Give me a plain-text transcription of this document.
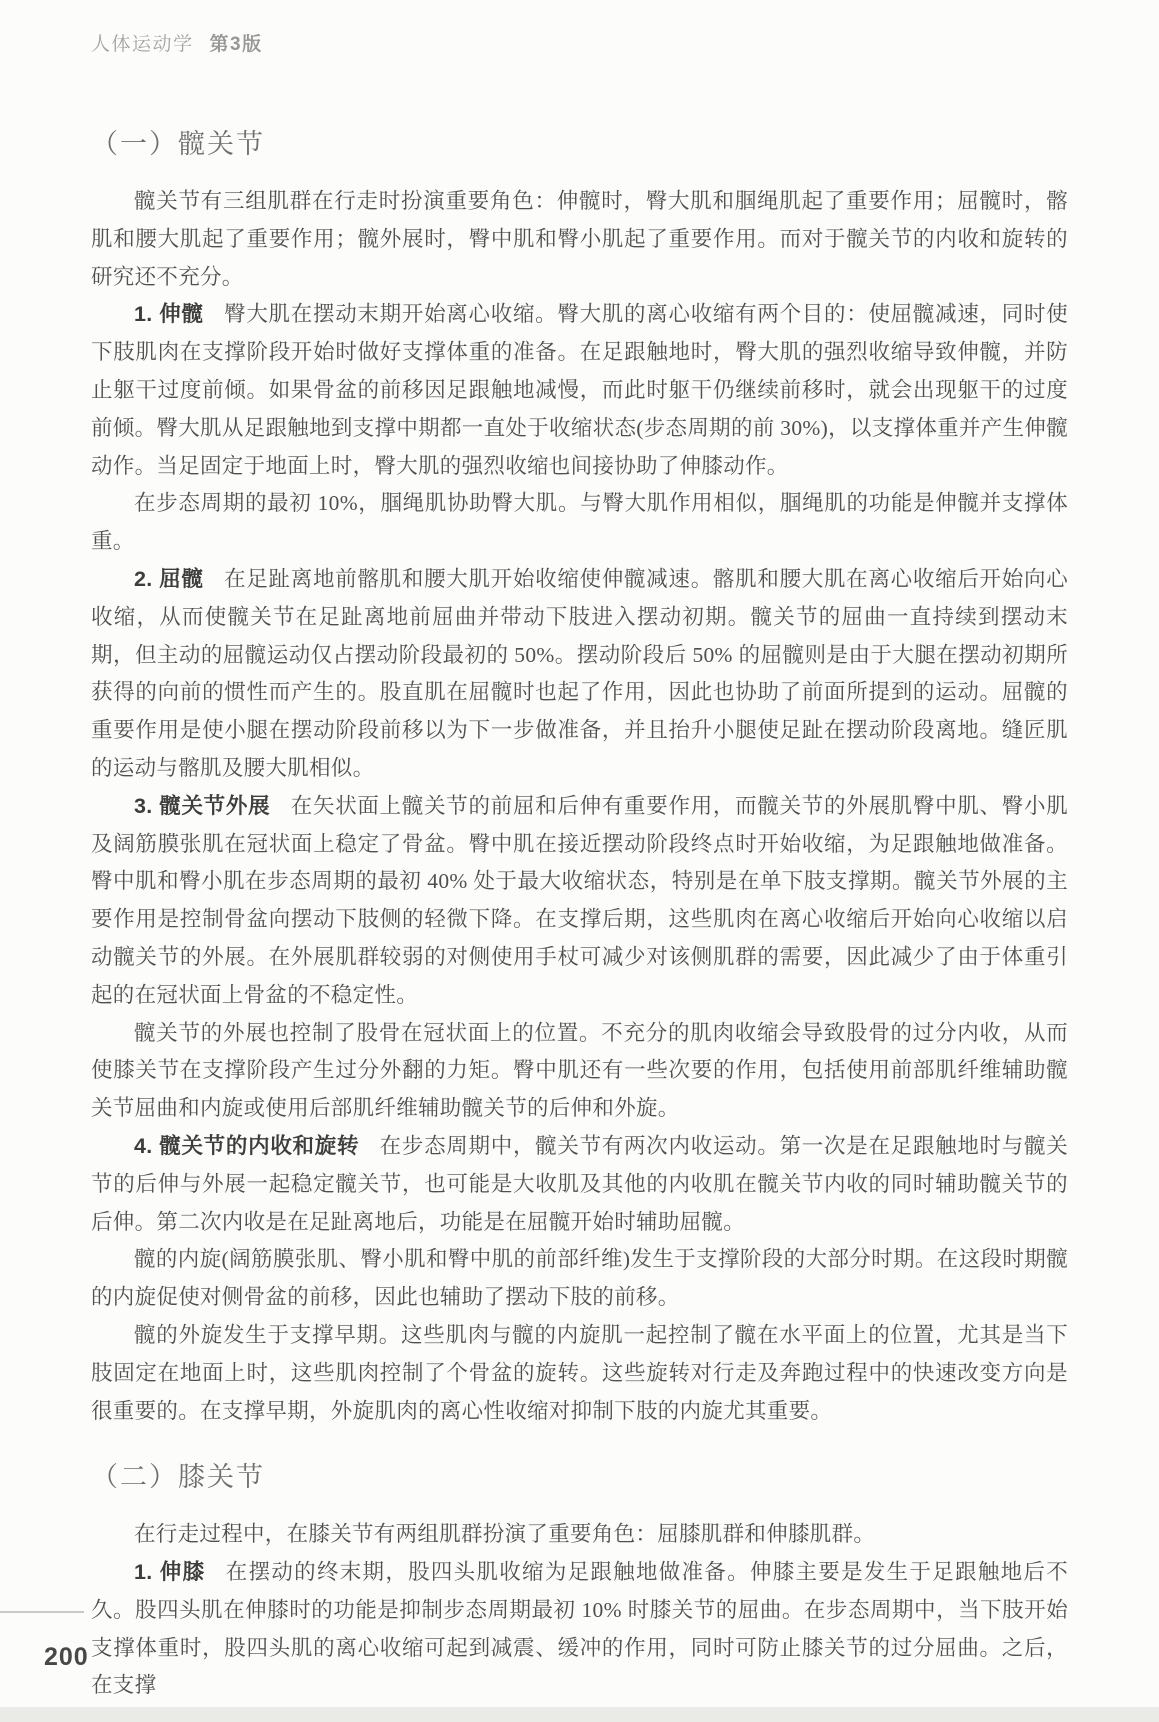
人体运动学 第3版
（一）髋关节

髋关节有三组肌群在行走时扮演重要角色：伸髋时，臀大肌和腘绳肌起了重要作用；屈髋时，髂肌和腰大肌起了重要作用；髋外展时，臀中肌和臀小肌起了重要作用。而对于髋关节的内收和旋转的研究还不充分。

1. 伸髋 臀大肌在摆动末期开始离心收缩。臀大肌的离心收缩有两个目的：使屈髋减速，同时使下肢肌肉在支撑阶段开始时做好支撑体重的准备。在足跟触地时，臀大肌的强烈收缩导致伸髋，并防止躯干过度前倾。如果骨盆的前移因足跟触地减慢，而此时躯干仍继续前移时，就会出现躯干的过度前倾。臀大肌从足跟触地到支撑中期都一直处于收缩状态(步态周期的前 30%)，以支撑体重并产生伸髋动作。当足固定于地面上时，臀大肌的强烈收缩也间接协助了伸膝动作。

在步态周期的最初 10%，腘绳肌协助臀大肌。与臀大肌作用相似，腘绳肌的功能是伸髋并支撑体重。

2. 屈髋 在足趾离地前髂肌和腰大肌开始收缩使伸髋减速。髂肌和腰大肌在离心收缩后开始向心收缩，从而使髋关节在足趾离地前屈曲并带动下肢进入摆动初期。髋关节的屈曲一直持续到摆动末期，但主动的屈髋运动仅占摆动阶段最初的 50%。摆动阶段后 50% 的屈髋则是由于大腿在摆动初期所获得的向前的惯性而产生的。股直肌在屈髋时也起了作用，因此也协助了前面所提到的运动。屈髋的重要作用是使小腿在摆动阶段前移以为下一步做准备，并且抬升小腿使足趾在摆动阶段离地。缝匠肌的运动与髂肌及腰大肌相似。

3. 髋关节外展 在矢状面上髋关节的前屈和后伸有重要作用，而髋关节的外展肌臀中肌、臀小肌及阔筋膜张肌在冠状面上稳定了骨盆。臀中肌在接近摆动阶段终点时开始收缩，为足跟触地做准备。臀中肌和臀小肌在步态周期的最初 40% 处于最大收缩状态，特别是在单下肢支撑期。髋关节外展的主要作用是控制骨盆向摆动下肢侧的轻微下降。在支撑后期，这些肌肉在离心收缩后开始向心收缩以启动髋关节的外展。在外展肌群较弱的对侧使用手杖可减少对该侧肌群的需要，因此减少了由于体重引起的在冠状面上骨盆的不稳定性。

髋关节的外展也控制了股骨在冠状面上的位置。不充分的肌肉收缩会导致股骨的过分内收，从而使膝关节在支撑阶段产生过分外翻的力矩。臀中肌还有一些次要的作用，包括使用前部肌纤维辅助髋关节屈曲和内旋或使用后部肌纤维辅助髋关节的后伸和外旋。

4. 髋关节的内收和旋转 在步态周期中，髋关节有两次内收运动。第一次是在足跟触地时与髋关节的后伸与外展一起稳定髋关节，也可能是大收肌及其他的内收肌在髋关节内收的同时辅助髋关节的后伸。第二次内收是在足趾离地后，功能是在屈髋开始时辅助屈髋。

髋的内旋(阔筋膜张肌、臀小肌和臀中肌的前部纤维)发生于支撑阶段的大部分时期。在这段时期髋的内旋促使对侧骨盆的前移，因此也辅助了摆动下肢的前移。

髋的外旋发生于支撑早期。这些肌肉与髋的内旋肌一起控制了髋在水平面上的位置，尤其是当下肢固定在地面上时，这些肌肉控制了个骨盆的旋转。这些旋转对行走及奔跑过程中的快速改变方向是很重要的。在支撑早期，外旋肌肉的离心性收缩对抑制下肢的内旋尤其重要。

（二）膝关节

在行走过程中，在膝关节有两组肌群扮演了重要角色：屈膝肌群和伸膝肌群。

1. 伸膝 在摆动的终末期，股四头肌收缩为足跟触地做准备。伸膝主要是发生于足跟触地后不久。股四头肌在伸膝时的功能是抑制步态周期最初 10% 时膝关节的屈曲。在步态周期中，当下肢开始支撑体重时，股四头肌的离心收缩可起到减震、缓冲的作用，同时可防止膝关节的过分屈曲。之后，在支撑

200
